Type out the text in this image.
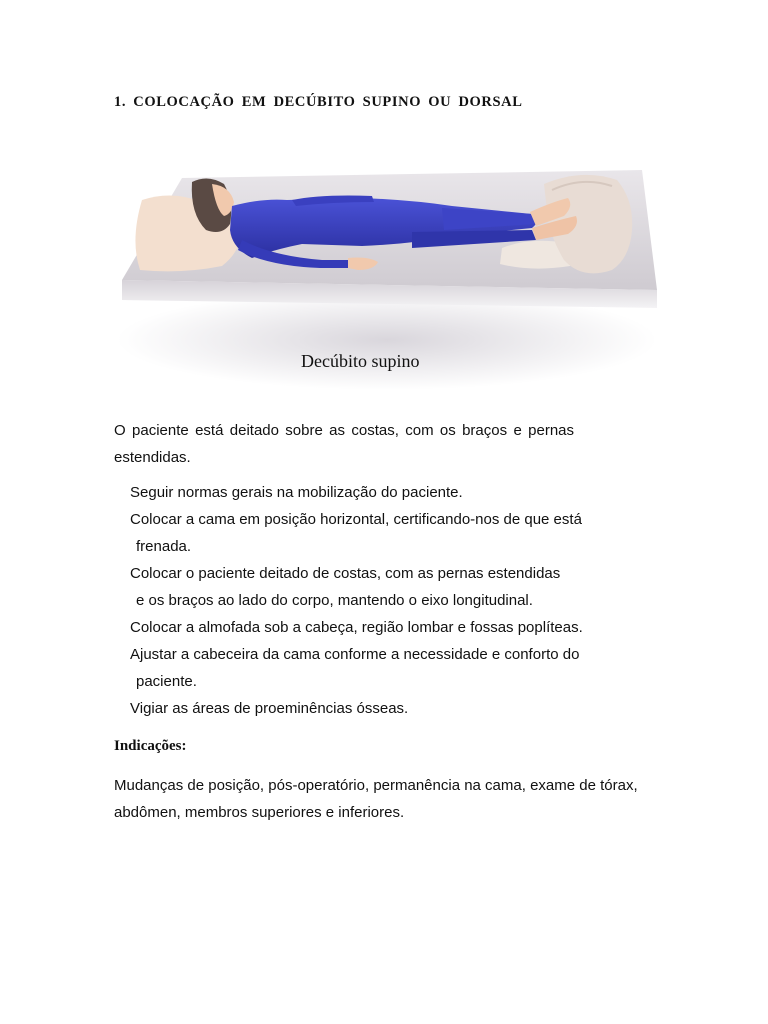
1. COLOCAÇÃO EM DECÚBITO SUPINO OU DORSAL
Decúbito supino

O paciente está deitado sobre as costas, com os braços e pernas estendidas.

Seguir normas gerais na mobilização do paciente.
Colocar a cama em posição horizontal, certificando-nos de que está
frenada.
Colocar o paciente deitado de costas, com as pernas estendidas
e os braços ao lado do corpo, mantendo o eixo longitudinal.
Colocar a almofada sob a cabeça, região lombar e fossas poplíteas.
Ajustar a cabeceira da cama conforme a necessidade e conforto do
paciente.
Vigiar as áreas de proeminências ósseas.
Indicações:

Mudanças de posição, pós-operatório, permanência na cama, exame de tórax, abdômen, membros superiores e inferiores.
